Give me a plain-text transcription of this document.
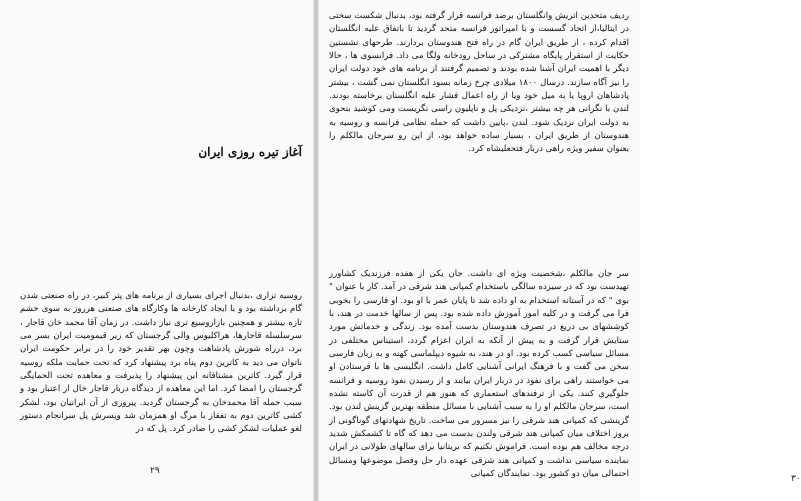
آغاز تیره روزی ایران

روسیه تزاری ،بدنبال اجرای بسیاری از برنامه های پتر کبیر، در راه صنعتی شدن گام برداشته بود و با ایجاد کارخانه ها وکارگاه های صنعتی هرروز به سوی خشم تازه بیشتر و همچنین بازاروسیع تری نیاز داشت. در زمان آقا محمد خان قاجار ، سرسلسله قاجارها، هراکلیوس والی گرجستان که زیر قیمومیت ایران بسر می برد، درراه شورش پادشاهت وچون بهر تقدیر خود را در برابر حکومت ایران ناتوان می دید به کاترین دوم پناه برد پیشنهاد کرد که تحت حمایت ملکه روسیه قرار گیرد. کاترین مشتاقانه این پیشنهاد را پذیرفت و معاهده تحت الحمایگی گرجستان را امضا کرد. اما این معاهده از دیدگاه دربار قاجار خال از اعتبار بود و سبب حمله آقا محمدخان به گرجستان گردید. پیروزی از آن ایرانیان بود، لشکر کشی کاترین دوم به تفقاز با مرگ او همزمان شد وپسرش پل سرانجام دستور لغو عملیات لشکر کشی را صادر کرد. پل که در

۲۹

ردیف متحدین اتریش وانگلستان برضد فرانسه قرار گرفته بود، بدنبال شکست سختی در ایتالیا،از اتحاد گسست و با امپراتور فرانسه متحد گردید تا باتفاق علیه انگلستان اقدام کرده ، از طریق ایران گام در راه فتح هندوستان بردارند. طرحهای نشستین حکایت از استقرار پایگاه مشترکی در ساحل رودخانه ولگا می داد. فرانسوی ها ، حالا دیگر با اهمیت ایران آشنا شده بودند و تصمیم گرفتند از برنامه های خود دولت ایران را نیز آگاه سازند. درسال ۱۸۰۰ میلادی چرخ زمانه بسود انگلستان نمی گشت ، بیشتر پادشاهان اروپا یا به میل خود ویا از راه اعمال فشار علیه انگلستان برخاسته بودند. لندن با نگرانی هر چه بیشتر ،نزدیکی پل و ناپلیون راسی نگریست ومی کوشید بنحوی به دولت ایران نزدیک شود. لندن ،پایین داشت که حمله نظامی فرانسه و روسیه به هندوستان از طریق ایران ، بسیار ساده خواهد بود، از این رو سرجان مالکلم را بعنوان سفیر ویژه راهی دربار فتحعلیشاه کرد.

سر جان مالکلم ،شخصیت ویژه ای داشت. جان یکی از هفده فرزندیک کشاورز تهیدست بود که در سیزده سالگی باستخدام کمپانی هند شرقی در آمد. کار با عنوان " بوی " که در آستانه استخدام به او داده شد تا پایان عمر با او بود. او فارسی را بخوبی فرا می گرفت و در کلیه امور آموزش داده شده بود. پس از سالها خدمت در هند، با کوششهای بی دریغ در تصرف هندوستان بدست آمده بود. زندگی و خدماتش مورد ستایش قرار گرفت و به پیش از آنکه به ایران اعزام گردد، استیناس مختلفی در مسائل سیاسی کسب کرده بود. او در هند، به شیوه دیپلماسی کهنه و به زبان فارسی سخن می گفت و با فرهنگ ایرانی آشنایی کامل داشت. انگلیسی ها با فرستادن او می خواستند راهی برای نفوذ در دربار ایران بیابند و از رسیدن نفوذ روسیه و فرانسه جلوگیری کنند. یکی از ترفندهای استعماری که هنوز هم از قدرت آن کاسته نشده است، سرجان مالکلم او را به سبب آشنایی با مسائل منطقه بهترین گزینش لندن بود. گزینشی که کمپانی هند شرقی را نیز مسرور می ساخت. تاریخ شهادتهای گوناگونی از بروز اختلاف میان کمپانی هند شرقی ولندن بدست می دهد که گاه تا کشمکش شدید درجه مخالف هم بوده است. فراموش نکنیم که بریتانیا برای سالهای طولانی در ایران نماینده سیاسی نداشت و کمپانی هند شرقی عهده دار حل وفصل موضوعها ومسائل احتمالی میان دو کشور بود. نمایندگان کمپانی	۳۰
